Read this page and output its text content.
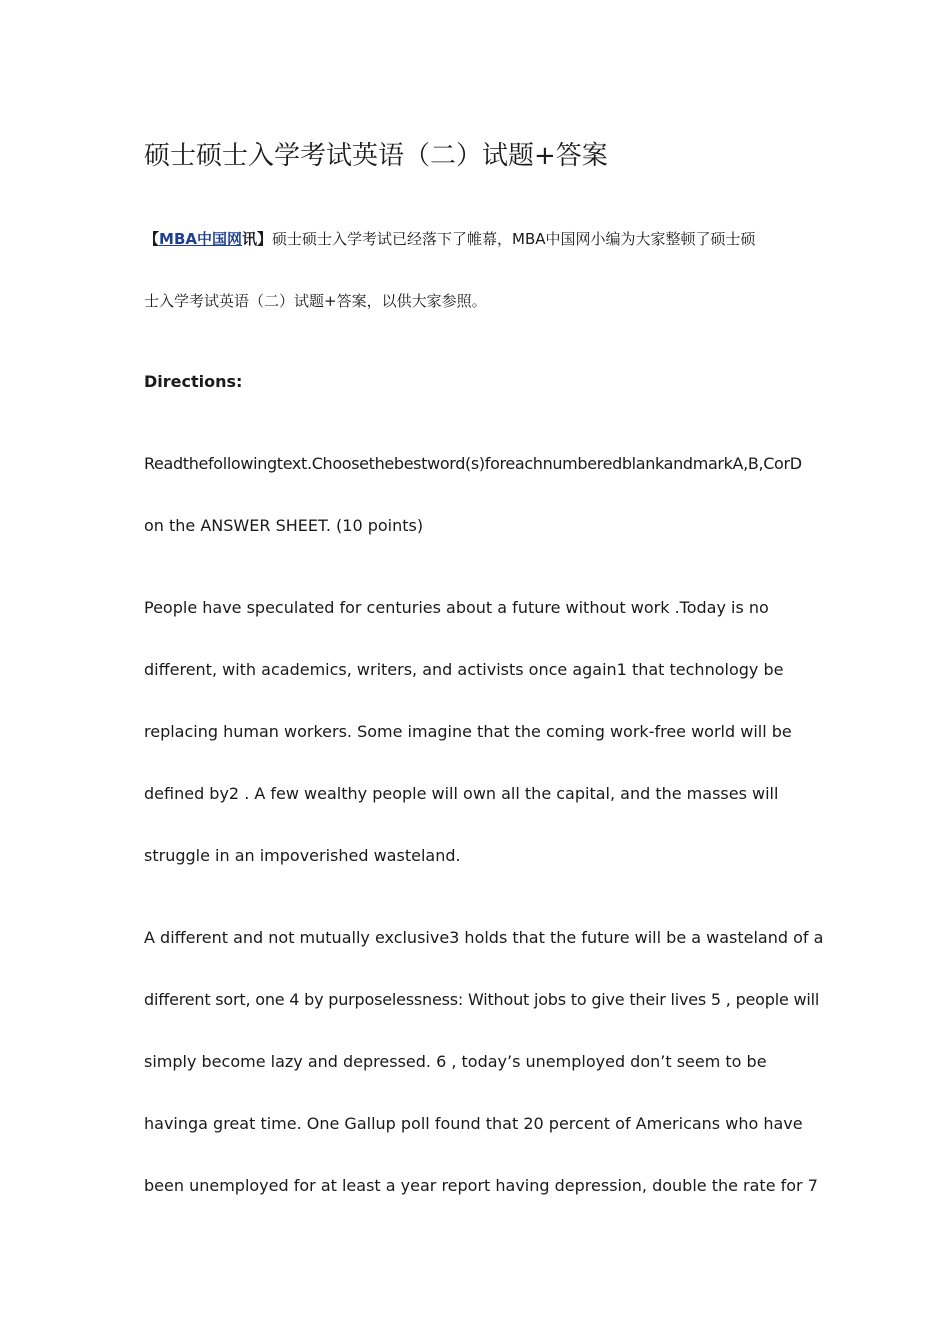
硕士硕士入学考试英语（二）试题+答案
【MBA中国网讯】硕士硕士入学考试已经落下了帷幕，MBA中国网小编为大家整顿了硕士硕
士入学考试英语（二）试题+答案，以供大家参照。
Directions:
Readthefollowingtext.Choosethebestword(s)foreachnumberedblankandmarkA,B,CorD
on the ANSWER SHEET. (10 points)
People have speculated for centuries about a future without work .Today is no
different, with academics, writers, and activists once again1 that technology be
replacing human workers. Some imagine that the coming work-free world will be
defined by2 . A few wealthy people will own all the capital, and the masses will
struggle in an impoverished wasteland.
A different and not mutually exclusive3 holds that the future will be a wasteland of a
different sort, one 4 by purposelessness: Without jobs to give their lives 5 , people will
simply become lazy and depressed. 6 , today’s unemployed don’t seem to be
havinga great time. One Gallup poll found that 20 percent of Americans who have
been unemployed for at least a year report having depression, double the rate for 7
